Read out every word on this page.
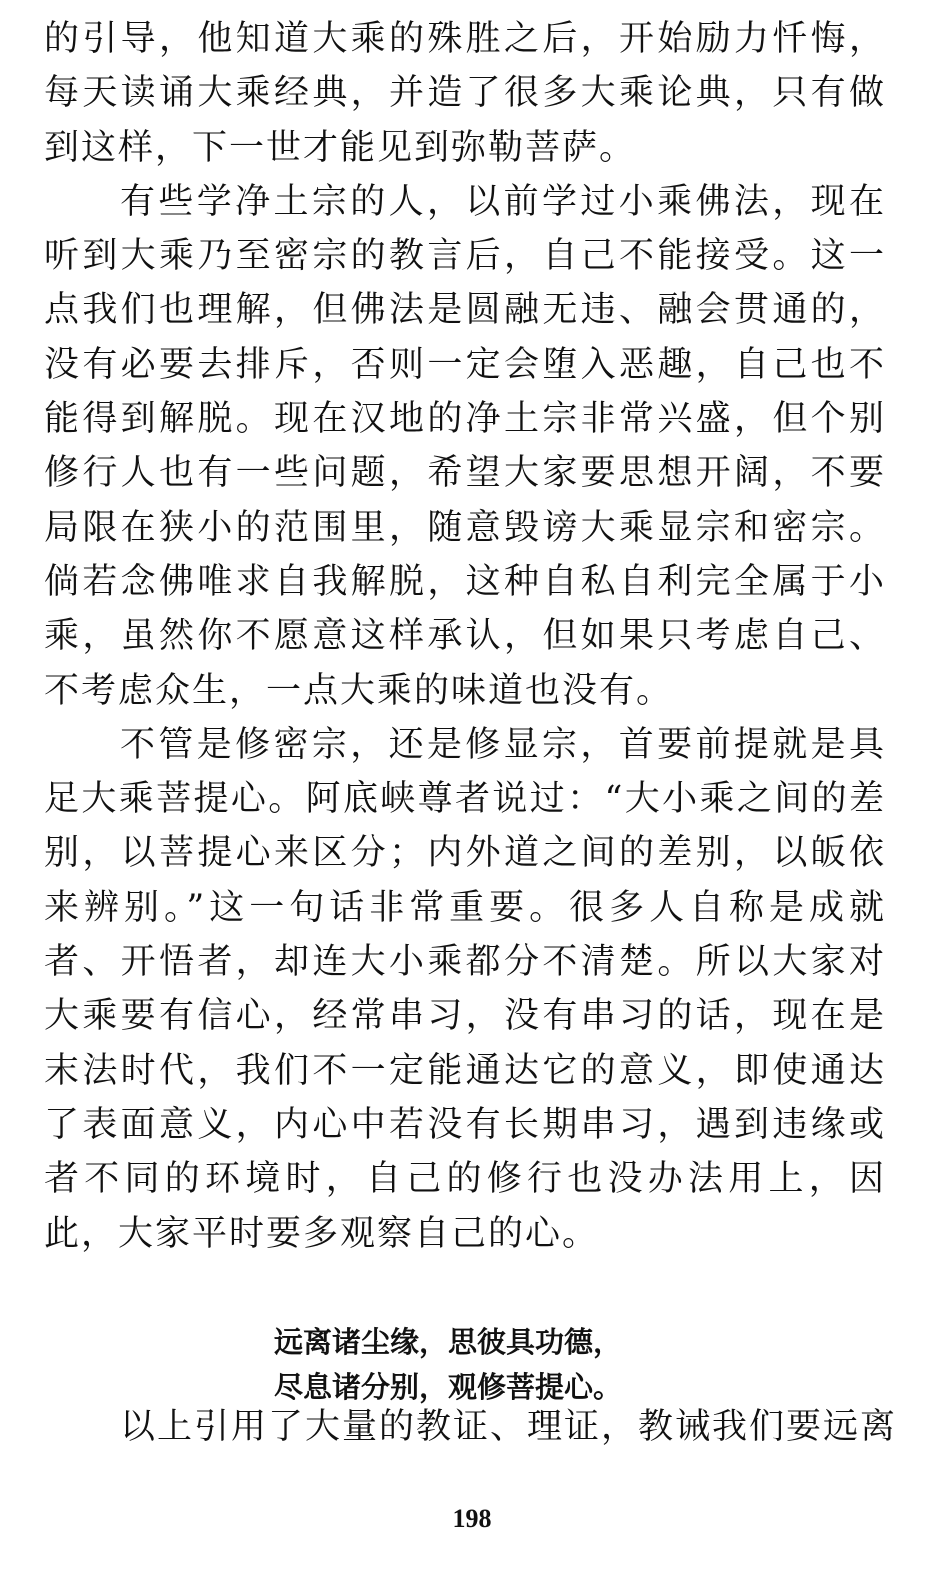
的引导，他知道大乘的殊胜之后，开始励力忏悔，每天读诵大乘经典，并造了很多大乘论典，只有做到这样，下一世才能见到弥勒菩萨。

有些学净土宗的人，以前学过小乘佛法，现在听到大乘乃至密宗的教言后，自己不能接受。这一点我们也理解，但佛法是圆融无违、融会贯通的，没有必要去排斥，否则一定会堕入恶趣，自己也不能得到解脱。现在汉地的净土宗非常兴盛，但个别修行人也有一些问题，希望大家要思想开阔，不要局限在狭小的范围里，随意毁谤大乘显宗和密宗。倘若念佛唯求自我解脱，这种自私自利完全属于小乘，虽然你不愿意这样承认，但如果只考虑自己、不考虑众生，一点大乘的味道也没有。

不管是修密宗，还是修显宗，首要前提就是具足大乘菩提心。阿底峡尊者说过：“大小乘之间的差别，以菩提心来区分；内外道之间的差别，以皈依来辨别。”这一句话非常重要。很多人自称是成就者、开悟者，却连大小乘都分不清楚。所以大家对大乘要有信心，经常串习，没有串习的话，现在是末法时代，我们不一定能通达它的意义，即使通达了表面意义，内心中若没有长期串习，遇到违缘或者不同的环境时，自己的修行也没办法用上，因此，大家平时要多观察自己的心。

远离诸尘缘，思彼具功德，
尽息诸分别，观修菩提心。
以上引用了大量的教证、理证，教诫我们要远离
198
